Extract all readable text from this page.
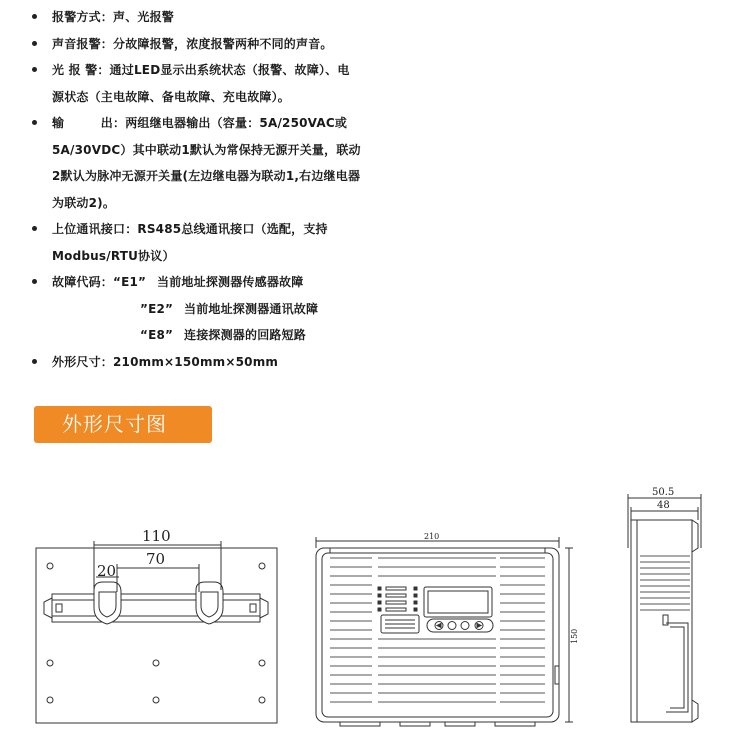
报警方式：声、光报警
声音报警：分故障报警，浓度报警两种不同的声音。
光 报 警：通过LED显示出系统状态（报警、故障）、电
源状态（主电故障、备电故障、充电故障）。
输　　　出：两组继电器输出（容量：5A/250VAC或
5A/30VDC）其中联动1默认为常保持无源开关量，联动
2默认为脉冲无源开关量(左边继电器为联动1,右边继电器
为联动2)。
上位通讯接口：RS485总线通讯接口（选配，支持
Modbus/RTU协议）
故障代码：“E1” 当前地址探测器传感器故障
”E2” 当前地址探测器通讯故障
“E8” 连接探测器的回路短路
外形尺寸：210mm×150mm×50mm
外形尺寸图
110
70
20
210
150
50.5
48
